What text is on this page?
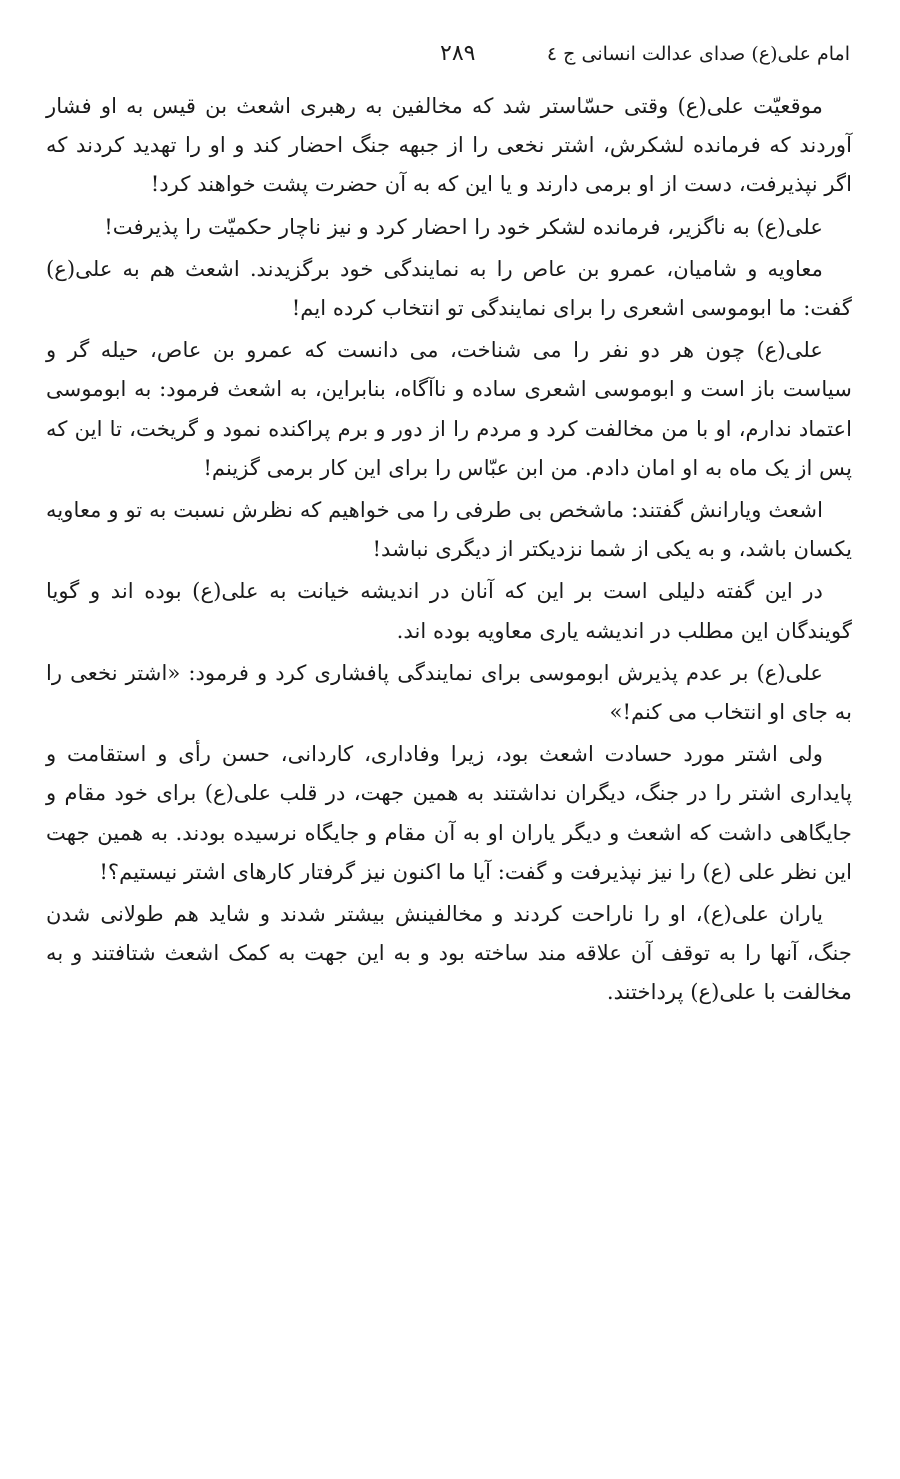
امام علی(ع) صدای عدالت انسانی ج ٤
٢٨٩

موقعیّت علی(ع) وقتی حسّاستر شد که مخالفین به رهبری اشعث بن قیس به او فشار آوردند که فرمانده لشکرش، اشتر نخعی را از جبهه جنگ احضار کند و او را تهدید کردند که اگر نپذیرفت، دست از او برمی دارند و یا این که به آن حضرت پشت خواهند کرد!

علی(ع) به ناگزیر، فرمانده لشکر خود را احضار کرد و نیز ناچار حکمیّت را پذیرفت!

معاویه و شامیان، عمرو بن عاص را به نمایندگی خود برگزیدند. اشعث هم به علی(ع) گفت: ما ابوموسی اشعری را برای نمایندگی تو انتخاب کرده ایم!

علی(ع) چون هر دو نفر را می شناخت، می دانست که عمرو بن عاص، حیله گر و سیاست باز است و ابوموسی اشعری ساده و ناآگاه، بنابراین، به اشعث فرمود: به ابوموسی اعتماد ندارم، او با من مخالفت کرد و مردم را از دور و برم پراکنده نمود و گریخت، تا این که پس از یک ماه به او امان دادم. من ابن عبّاس را برای این کار برمی گزینم!

اشعث ویارانش گفتند: ماشخص بی طرفی را می خواهیم که نظرش نسبت به تو و معاویه یکسان باشد، و به یکی از شما نزدیکتر از دیگری نباشد!

در این گفته دلیلی است بر این که آنان در اندیشه خیانت به علی(ع) بوده اند و گویا گویندگان این مطلب در اندیشه یاری معاویه بوده اند.

علی(ع) بر عدم پذیرش ابوموسی برای نمایندگی پافشاری کرد و فرمود: «اشتر نخعی را به جای او انتخاب می کنم!»

ولی اشتر مورد حسادت اشعث بود، زیرا وفاداری، کاردانی، حسن رأی و استقامت و پایداری اشتر را در جنگ، دیگران نداشتند به همین جهت، در قلب علی(ع) برای خود مقام و جایگاهی داشت که اشعث و دیگر یاران او به آن مقام و جایگاه نرسیده بودند. به همین جهت این نظر علی (ع) را نیز نپذیرفت و گفت: آیا ما اکنون نیز گرفتار کارهای اشتر نیستیم؟!

یاران علی(ع)، او را ناراحت کردند و مخالفینش بیشتر شدند و شاید هم طولانی شدن جنگ، آنها را به توقف آن علاقه مند ساخته بود و به این جهت به کمک اشعث شتافتند و به مخالفت با علی(ع) پرداختند.
